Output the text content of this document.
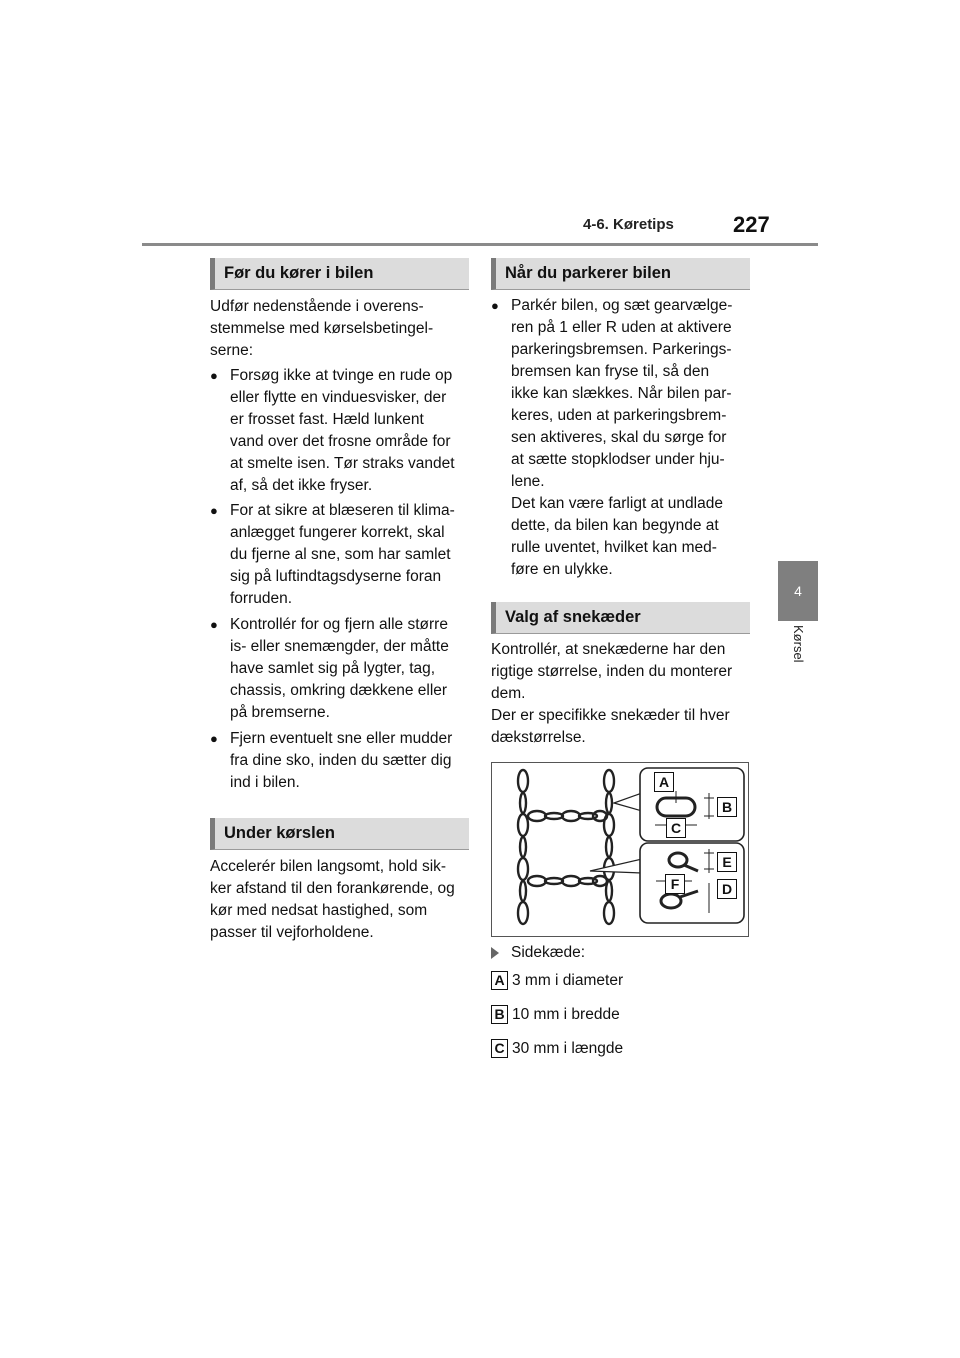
4-6. Køretips	227
4
Kørsel
Før du kører i bilen
Udfør nedenstående i overens-
stemmelse med kørselsbetingel-
serne:
● Forsøg ikke at tvinge en rude op
eller flytte en vinduesvisker, der
er frosset fast. Hæld lunkent
vand over det frosne område for
at smelte isen. Tør straks vandet
af, så det ikke fryser.
● For at sikre at blæseren til klima-
anlægget fungerer korrekt, skal
du fjerne al sne, som har samlet
sig på luftindtagsdyserne foran
forruden.
● Kontrollér for og fjern alle større
is- eller snemængder, der måtte
have samlet sig på lygter, tag,
chassis, omkring dækkene eller
på bremserne.
● Fjern eventuelt sne eller mudder
fra dine sko, inden du sætter dig
ind i bilen.
Under kørslen
Accelerér bilen langsomt, hold sik-
ker afstand til den forankørende, og
kør med nedsat hastighed, som
passer til vejforholdene.
Når du parkerer bilen
● Parkér bilen, og sæt gearvælge-
ren på 1 eller R uden at aktivere
parkeringsbremsen. Parkerings-
bremsen kan fryse til, så den
ikke kan slækkes. Når bilen par-
keres, uden at parkeringsbrem-
sen aktiveres, skal du sørge for
at sætte stopklodser under hju-
lene.
Det kan være farligt at undlade
dette, da bilen kan begynde at
rulle uventet, hvilket kan med-
føre en ulykke.
Valg af snekæder
Kontrollér, at snekæderne har den
rigtige størrelse, inden du monterer
dem.
Der er specifikke snekæder til hver
dækstørrelse.
A
B
C
D
E
F
Sidekæde:
A 3 mm i diameter
B 10 mm i bredde
C 30 mm i længde
